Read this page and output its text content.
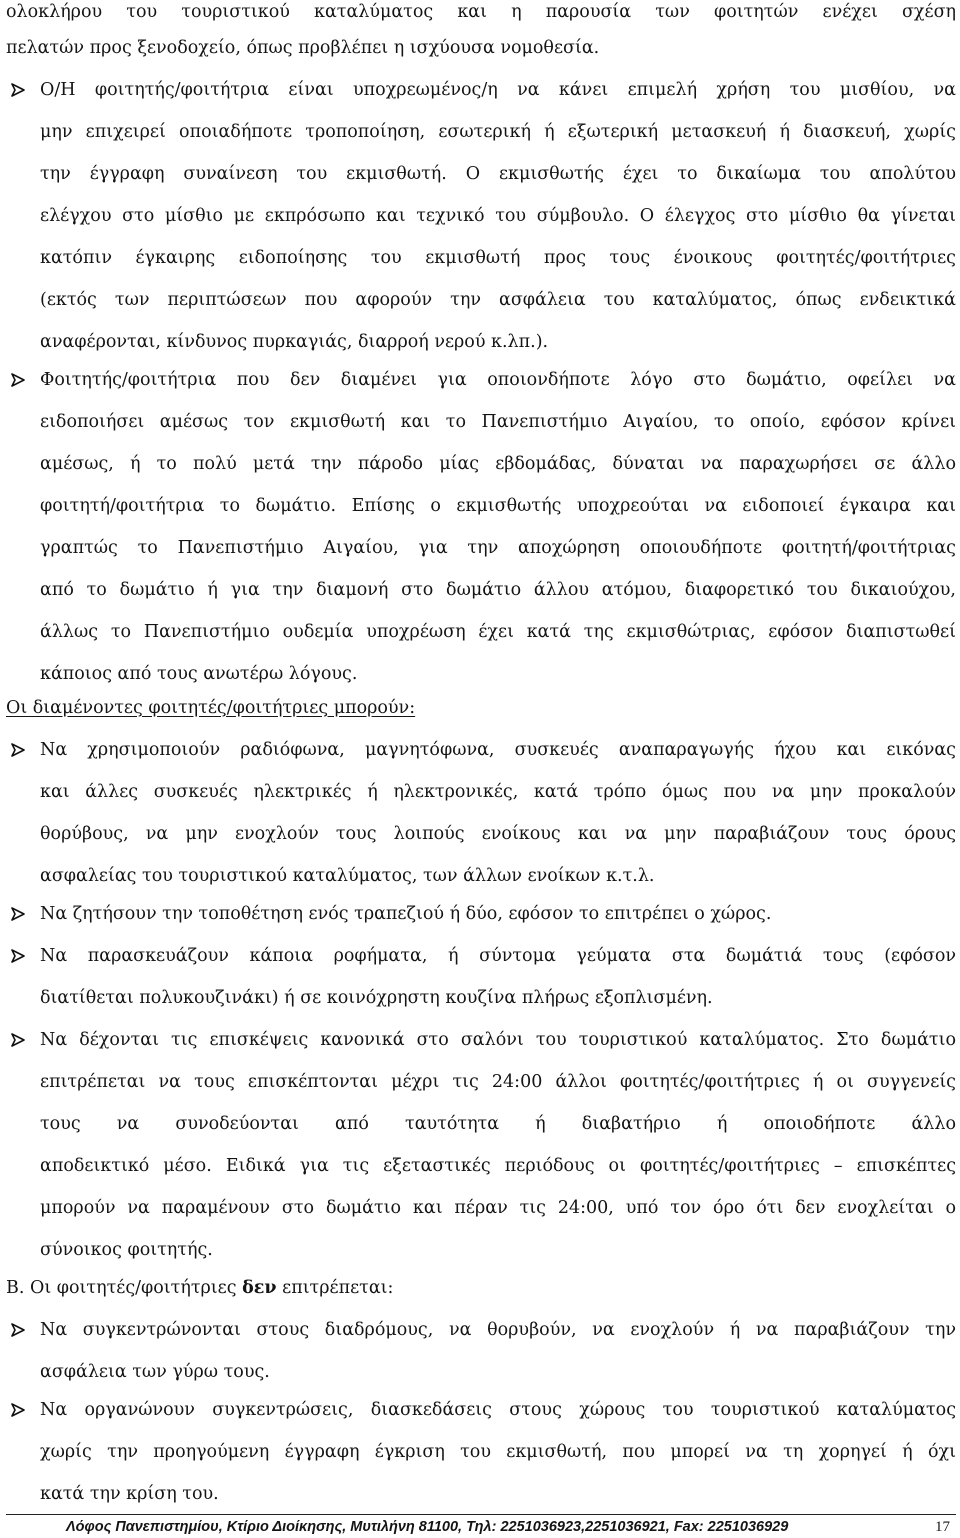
ολοκλήρου του τουριστικού καταλύματος και η παρουσία των φοιτητών ενέχει σχέση
πελατών προς ξενοδοχείο, όπως προβλέπει η ισχύουσα νομοθεσία.
Ο/Η φοιτητής/φοιτήτρια είναι υποχρεωμένος/η να κάνει επιμελή χρήση του μισθίου, να
μην επιχειρεί οποιαδήποτε τροποποίηση, εσωτερική ή εξωτερική μετασκευή ή διασκευή, χωρίς
την έγγραφη συναίνεση του εκμισθωτή. Ο εκμισθωτής έχει το δικαίωμα του απολύτου
ελέγχου στο μίσθιο με εκπρόσωπο και τεχνικό του σύμβουλο. Ο έλεγχος στο μίσθιο θα γίνεται
κατόπιν έγκαιρης ειδοποίησης του εκμισθωτή προς τους ένοικους φοιτητές/φοιτήτριες
(εκτός των περιπτώσεων που αφορούν την ασφάλεια του καταλύματος, όπως ενδεικτικά
αναφέρονται, κίνδυνος πυρκαγιάς, διαρροή νερού κ.λπ.).
Φοιτητής/φοιτήτρια που δεν διαμένει για οποιονδήποτε λόγο στο δωμάτιο, οφείλει να
ειδοποιήσει αμέσως τον εκμισθωτή και το Πανεπιστήμιο Αιγαίου, το οποίο, εφόσον κρίνει
αμέσως, ή το πολύ μετά την πάροδο μίας εβδομάδας, δύναται να παραχωρήσει σε άλλο
φοιτητή/φοιτήτρια το δωμάτιο. Επίσης ο εκμισθωτής υποχρεούται να ειδοποιεί έγκαιρα και
γραπτώς το Πανεπιστήμιο Αιγαίου, για την αποχώρηση οποιουδήποτε φοιτητή/φοιτήτριας
από το δωμάτιο ή για την διαμονή στο δωμάτιο άλλου ατόμου, διαφορετικό του δικαιούχου,
άλλως το Πανεπιστήμιο ουδεμία υποχρέωση έχει κατά της εκμισθώτριας, εφόσον διαπιστωθεί
κάποιος από τους ανωτέρω λόγους.
Οι διαμένοντες φοιτητές/φοιτήτριες μπορούν:
Να χρησιμοποιούν ραδιόφωνα, μαγνητόφωνα, συσκευές αναπαραγωγής ήχου και εικόνας
και άλλες συσκευές ηλεκτρικές ή ηλεκτρονικές, κατά τρόπο όμως που να μην προκαλούν
θορύβους, να μην ενοχλούν τους λοιπούς ενοίκους και να μην παραβιάζουν τους όρους
ασφαλείας του τουριστικού καταλύματος, των άλλων ενοίκων κ.τ.λ.
Να ζητήσουν την τοποθέτηση ενός τραπεζιού ή δύο, εφόσον το επιτρέπει ο χώρος.
Να παρασκευάζουν κάποια ροφήματα, ή σύντομα γεύματα στα δωμάτιά τους (εφόσον
διατίθεται πολυκουζινάκι) ή σε κοινόχρηστη κουζίνα πλήρως εξοπλισμένη.
Να δέχονται τις επισκέψεις κανονικά στο σαλόνι του τουριστικού καταλύματος. Στο δωμάτιο
επιτρέπεται να τους επισκέπτονται μέχρι τις 24:00 άλλοι φοιτητές/φοιτήτριες ή οι συγγενείς
τους να συνοδεύονται από ταυτότητα ή διαβατήριο ή οποιοδήποτε άλλο
αποδεικτικό μέσο. Ειδικά για τις εξεταστικές περιόδους οι φοιτητές/φοιτήτριες – επισκέπτες
μπορούν να παραμένουν στο δωμάτιο και πέραν τις 24:00, υπό τον όρο ότι δεν ενοχλείται ο
σύνοικος φοιτητής.
Β. Οι φοιτητές/φοιτήτριες δεν επιτρέπεται:
Να συγκεντρώνονται στους διαδρόμους, να θορυβούν, να ενοχλούν ή να παραβιάζουν την
ασφάλεια των γύρω τους.
Να οργανώνουν συγκεντρώσεις, διασκεδάσεις στους χώρους του τουριστικού καταλύματος
χωρίς την προηγούμενη έγγραφη έγκριση του εκμισθωτή, που μπορεί να τη χορηγεί ή όχι
κατά την κρίση του.
Λόφος Πανεπιστημίου, Κτίριο Διοίκησης, Μυτιλήνη 81100, Τηλ: 2251036923,2251036921, Fax: 2251036929	17
